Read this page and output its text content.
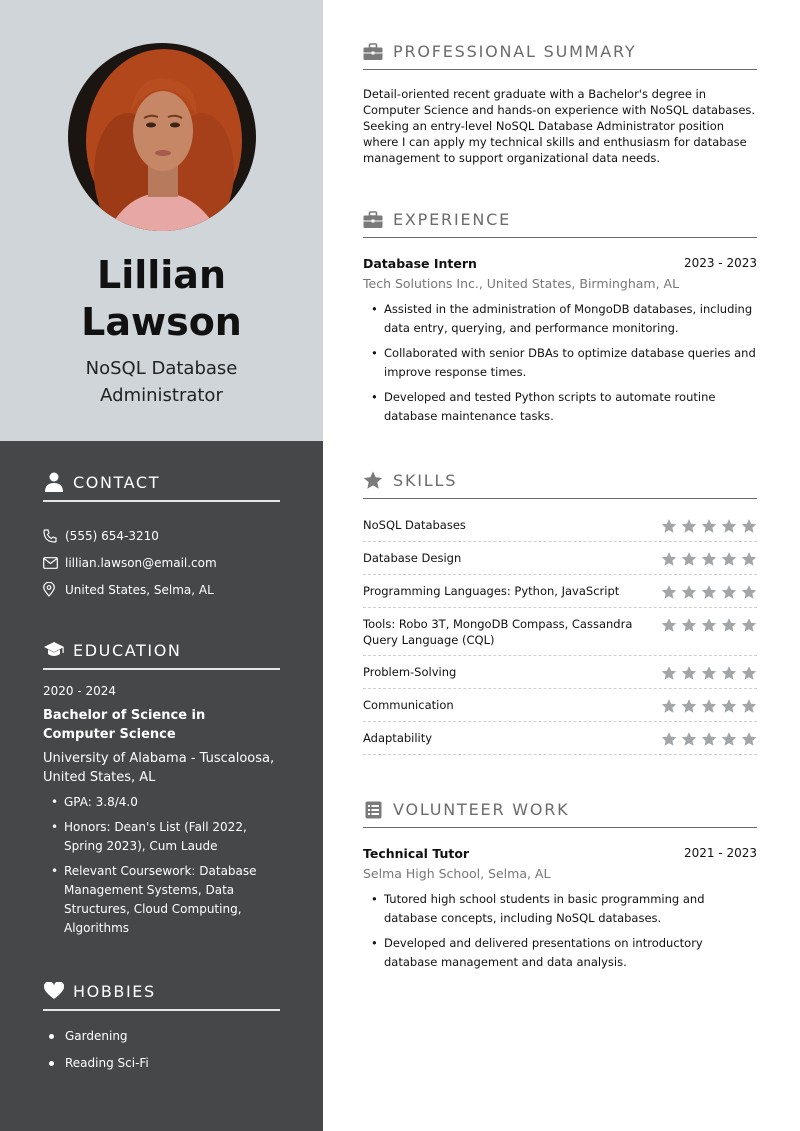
Lillian
Lawson
NoSQL Database
Administrator
CONTACT
(555) 654-3210
lillian.lawson@email.com
United States, Selma, AL
EDUCATION
2020 - 2024
Bachelor of Science in Computer Science
University of Alabama - Tuscaloosa, United States, AL
• GPA: 3.8/4.0
• Honors: Dean's List (Fall 2022, Spring 2023), Cum Laude
• Relevant Coursework: Database Management Systems, Data Structures, Cloud Computing, Algorithms
HOBBIES
Gardening
Reading Sci-Fi
PROFESSIONAL SUMMARY
Detail-oriented recent graduate with a Bachelor's degree in Computer Science and hands-on experience with NoSQL databases. Seeking an entry-level NoSQL Database Administrator position where I can apply my technical skills and enthusiasm for database management to support organizational data needs.
EXPERIENCE
Database Intern	2023 - 2023
Tech Solutions Inc., United States, Birmingham, AL
• Assisted in the administration of MongoDB databases, including data entry, querying, and performance monitoring.
• Collaborated with senior DBAs to optimize database queries and improve response times.
• Developed and tested Python scripts to automate routine database maintenance tasks.
SKILLS
NoSQL Databases
Database Design
Programming Languages: Python, JavaScript
Tools: Robo 3T, MongoDB Compass, Cassandra Query Language (CQL)
Problem-Solving
Communication
Adaptability
VOLUNTEER WORK
Technical Tutor	2021 - 2023
Selma High School, Selma, AL
• Tutored high school students in basic programming and database concepts, including NoSQL databases.
• Developed and delivered presentations on introductory database management and data analysis.
